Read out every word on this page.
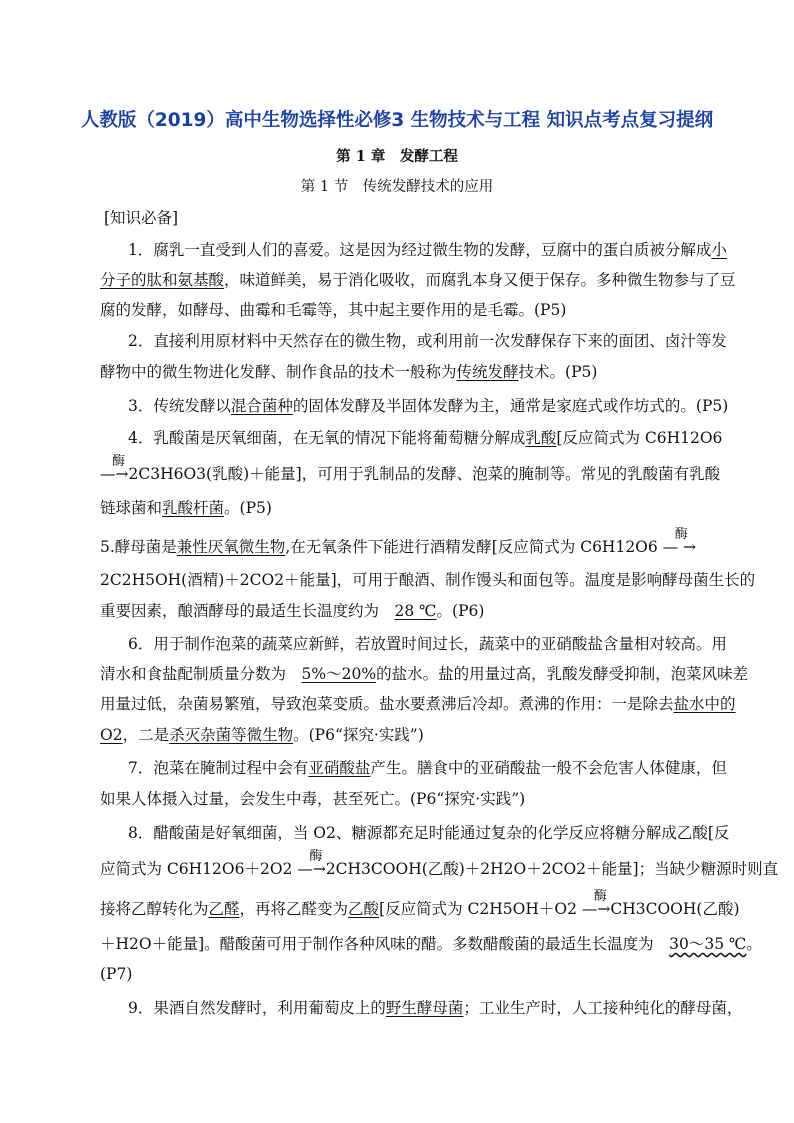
人教版（2019）高中生物选择性必修3 生物技术与工程 知识点考点复习提纲
第 1 章　发酵工程
第 1 节　传统发酵技术的应用
[知识必备]
1．腐乳一直受到人们的喜爱。这是因为经过微生物的发酵，豆腐中的蛋白质被分解成小
分子的肽和氨基酸，味道鲜美，易于消化吸收，而腐乳本身又便于保存。多种微生物参与了豆
腐的发酵，如酵母、曲霉和毛霉等，其中起主要作用的是毛霉。(P5)
2．直接利用原材料中天然存在的微生物，或利用前一次发酵保存下来的面团、卤汁等发
酵物中的微生物进化发酵、制作食品的技术一般称为传统发酵技术。(P5)
3．传统发酵以混合菌种的固体发酵及半固体发酵为主，通常是家庭式或作坊式的。(P5)
4．乳酸菌是厌氧细菌，在无氧的情况下能将葡萄糖分解成乳酸[反应简式为 C6H12O6
—
酶
→2C3H6O3(乳酸)＋能量]，可用于乳制品的发酵、泡菜的腌制等。常见的乳酸菌有乳酸
链球菌和乳酸杆菌。(P5)
5.酵母菌是兼性厌氧微生物,在无氧条件下能进行酒精发酵[反应简式为 C6H12O6 —
酶
→
2C2H5OH(酒精)＋2CO2＋能量]，可用于酿酒、制作馒头和面包等。温度是影响酵母菌生长的
重要因素，酿酒酵母的最适生长温度约为　28 ℃。(P6)
6．用于制作泡菜的蔬菜应新鲜，若放置时间过长，蔬菜中的亚硝酸盐含量相对较高。用
清水和食盐配制质量分数为　5%～20%的盐水。盐的用量过高，乳酸发酵受抑制，泡菜风味差
用量过低，杂菌易繁殖，导致泡菜变质。盐水要煮沸后冷却。煮沸的作用：一是除去盐水中的
O2，二是杀灭杂菌等微生物。(P6“探究·实践”)
7．泡菜在腌制过程中会有亚硝酸盐产生。膳食中的亚硝酸盐一般不会危害人体健康，但
如果人体摄入过量，会发生中毒，甚至死亡。(P6“探究·实践”)
8．醋酸菌是好氧细菌，当 O2、糖源都充足时能通过复杂的化学反应将糖分解成乙酸[反
应简式为 C6H12O6＋2O2 —
酶
→2CH3COOH(乙酸)＋2H2O＋2CO2＋能量]；当缺少糖源时则直
接将乙醇转化为乙醛，再将乙醛变为乙酸[反应简式为 C2H5OH＋O2 —
酶
→CH3COOH(乙酸)
＋H2O＋能量]。醋酸菌可用于制作各种风味的醋。多数醋酸菌的最适生长温度为　30～35 ℃。
(P7)
9．果酒自然发酵时，利用葡萄皮上的野生酵母菌；工业生产时，人工接种纯化的酵母菌，
